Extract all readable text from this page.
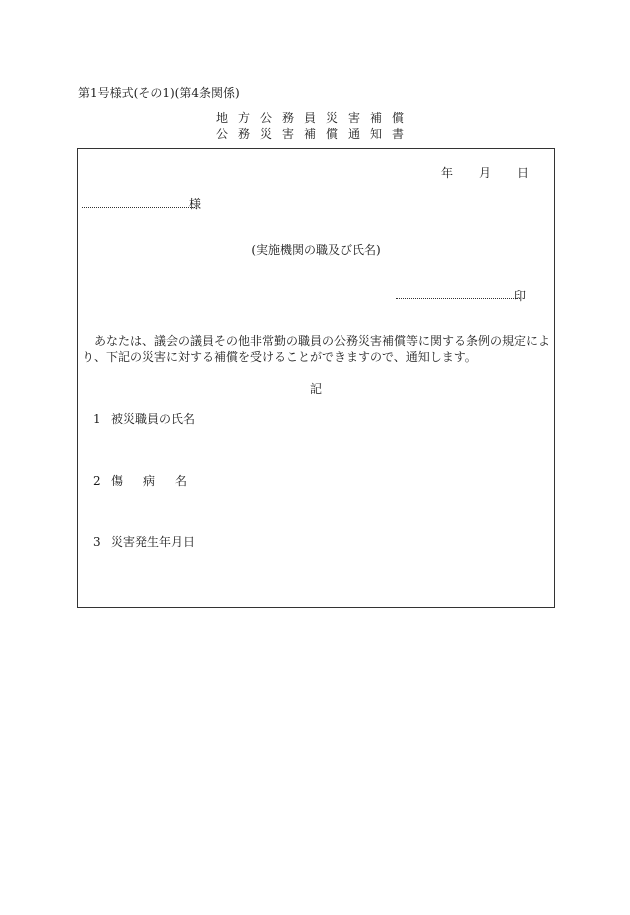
第1号様式(その1)(第4条関係)
地方公務員災害補償
公務災害補償通知書
年 月 日
様
(実施機関の職及び氏名)
印
あなたは、議会の議員その他非常勤の職員の公務災害補償等に関する条例の規定により、下記の災害に対する補償を受けることができますので、通知します。
記
1 被災職員の氏名
2 傷病名
3 災害発生年月日
